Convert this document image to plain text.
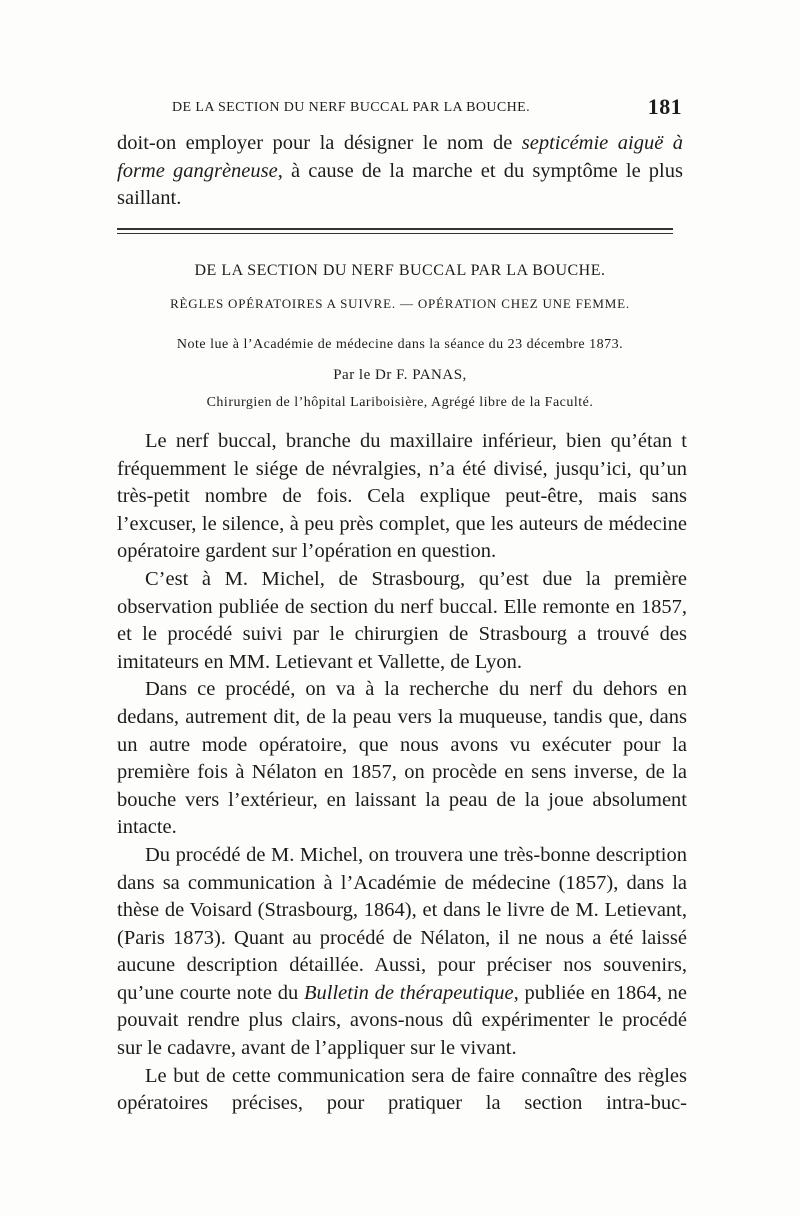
DE LA SECTION DU NERF BUCCAL PAR LA BOUCHE.	181

doit-on employer pour la désigner le nom de septicémie aiguë à forme gangrèneuse, à cause de la marche et du symptôme le plus

saillant.

DE LA SECTION DU NERF BUCCAL PAR LA BOUCHE.
RÈGLES OPÉRATOIRES A SUIVRE. — OPÉRATION CHEZ UNE FEMME.
Note lue à l’Académie de médecine dans la séance du 23 décembre 1873.
Par le Dr F. PANAS,
Chirurgien de l’hôpital Lariboisière, Agrégé libre de la Faculté.

Le nerf buccal, branche du maxillaire inférieur, bien qu’étan t fréquemment le siége de névralgies, n’a été divisé, jusqu’ici, qu’un très-petit nombre de fois. Cela explique peut-être, mais sans l’excuser, le silence, à peu près complet, que les auteurs de médecine opératoire gardent sur l’opération en question.

C’est à M. Michel, de Strasbourg, qu’est due la première observation publiée de section du nerf buccal. Elle remonte en 1857, et le procédé suivi par le chirurgien de Strasbourg a trouvé des imitateurs en MM. Letievant et Vallette, de Lyon.

Dans ce procédé, on va à la recherche du nerf du dehors en dedans, autrement dit, de la peau vers la muqueuse, tandis que, dans un autre mode opératoire, que nous avons vu exécuter pour la première fois à Nélaton en 1857, on procède en sens inverse, de la bouche vers l’extérieur, en laissant la peau de la joue absolument intacte.

Du procédé de M. Michel, on trouvera une très-bonne description dans sa communication à l’Académie de médecine (1857), dans la thèse de Voisard (Strasbourg, 1864), et dans le livre de M. Letievant, (Paris 1873). Quant au procédé de Nélaton, il ne nous a été laissé aucune description détaillée. Aussi, pour préciser nos souvenirs, qu’une courte note du Bulletin de thérapeutique, publiée en 1864, ne pouvait rendre plus clairs, avons-nous dû expérimenter le procédé sur le cadavre, avant de l’appliquer sur le vivant.

Le but de cette communication sera de faire connaître des règles opératoires précises, pour pratiquer la section intra-buc-
